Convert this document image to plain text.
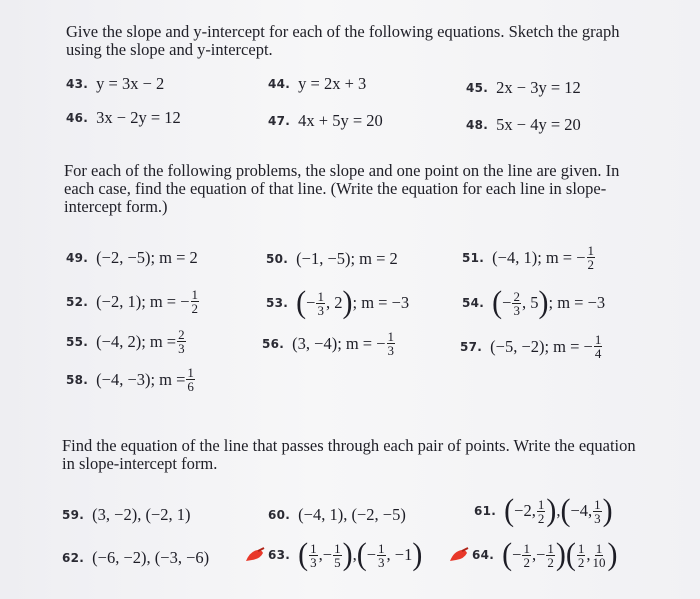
Give the slope and y-intercept for each of the following equations. Sketch the graph using the slope and y-intercept.
43. y = 3x − 2	44. y = 2x + 3	45. 2x − 3y = 12
46. 3x − 2y = 12	47. 4x + 5y = 20	48. 5x − 4y = 20
For each of the following problems, the slope and one point on the line are given. In each case, find the equation of that line. (Write the equation for each line in slope-intercept form.)
49. (−2, −5); m = 2	50. (−1, −5); m = 2	51. (−4, 1); m = − $\frac{1}{2}$
52. (−2, 1); m = − $\frac{1}{2}$	53. ( − $\frac{1}{3}$ , 2 ) ; m = −3	54. ( − $\frac{2}{3}$ , 5 ) ; m = −3
55. (−4, 2); $m = \frac{2}{3}$	56. (3, −4); m = − $\frac{1}{3}$	57. (−5, −2); m = − $\frac{1}{4}$
58. (−4, −3); $m = \frac{1}{6}$
Find the equation of the line that passes through each pair of points. Write the equation in slope-intercept form.
59. (3, −2), (−2, 1)	60. (−4, 1), (−2, −5)	61. ( −2, $\frac{1}{2}$ ) , ( −4, $\frac{1}{3}$ )
62. (−6, −2), (−3, −6)	63. ( $\frac{1}{3}$ , − $\frac{1}{5}$ ) , ( − $\frac{1}{3}$ , −1 )	64. ( − $\frac{1}{2}$ , − $\frac{1}{2}$ ) ( $\frac{1}{2}$ , $\frac{1}{10}$ )
